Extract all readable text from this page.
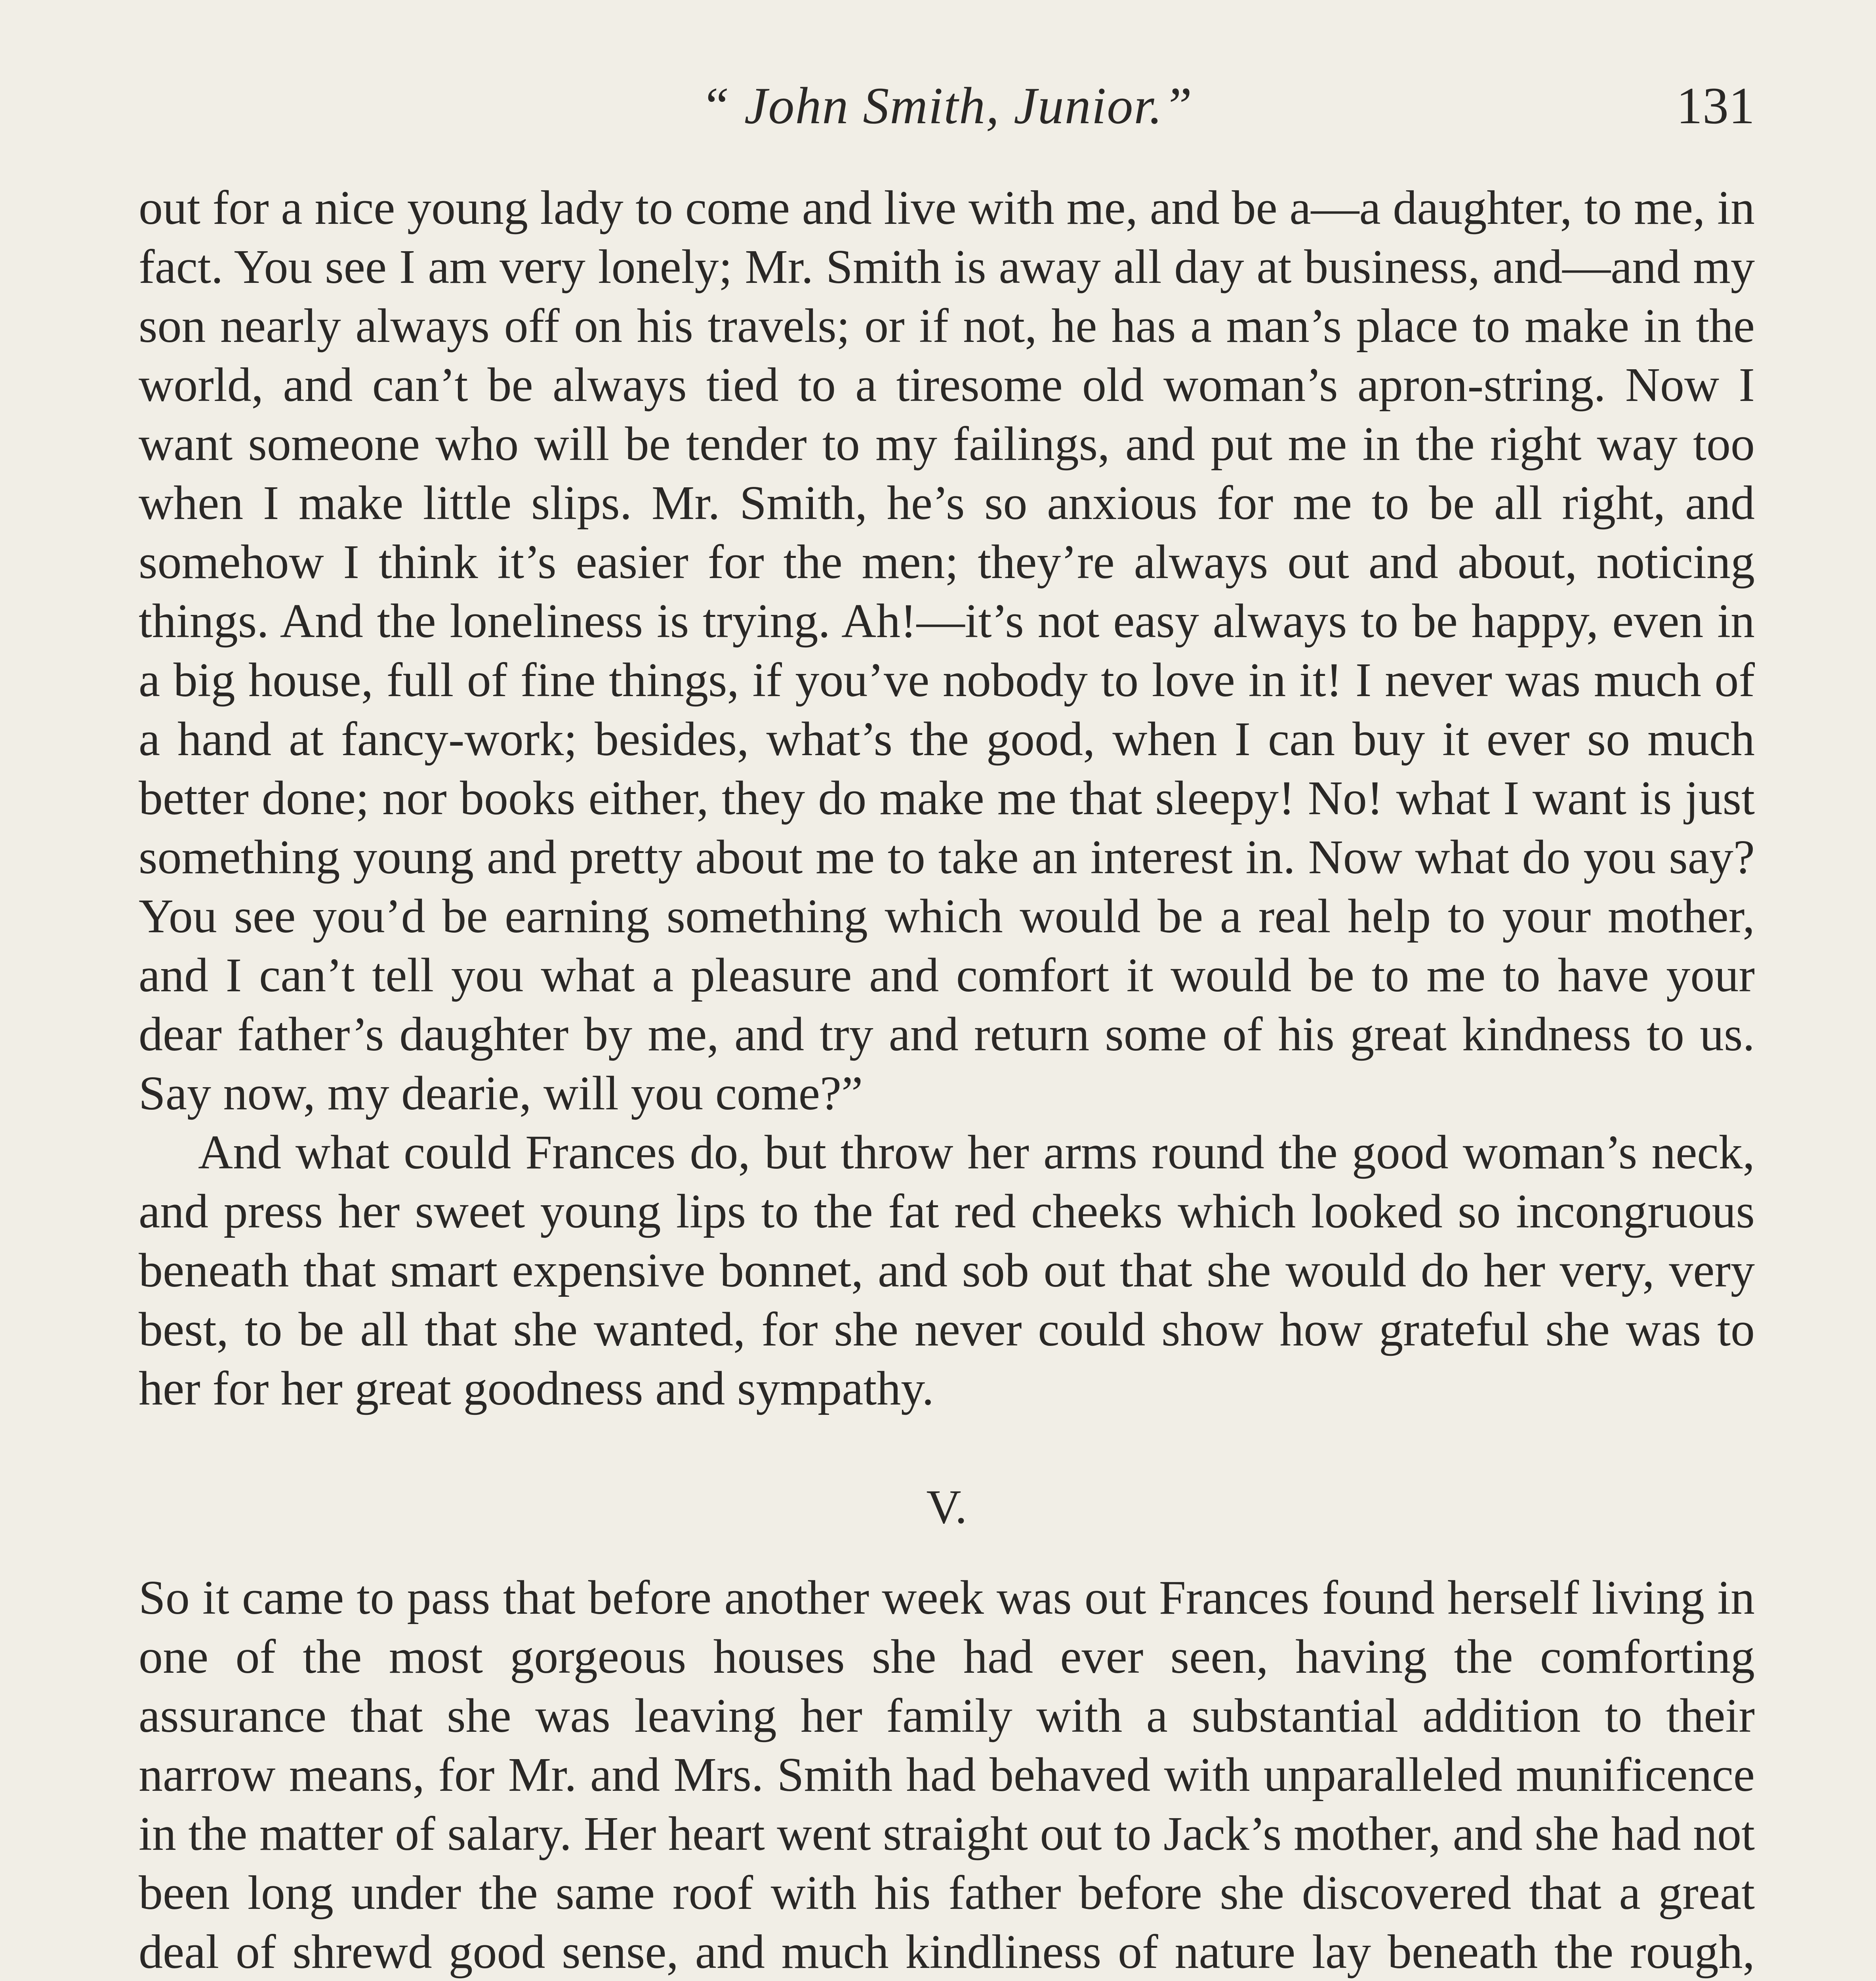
“ John Smith, Junior.”	131

out for a nice young lady to come and live with me, and be a—a daughter, to me, in fact. You see I am very lonely; Mr. Smith is away all day at business, and—and my son nearly always off on his travels; or if not, he has a man’s place to make in the world, and can’t be always tied to a tiresome old woman’s apron-string. Now I want someone who will be tender to my failings, and put me in the right way too when I make little slips. Mr. Smith, he’s so anxious for me to be all right, and somehow I think it’s easier for the men; they’re always out and about, noticing things. And the loneliness is trying. Ah!—it’s not easy always to be happy, even in a big house, full of fine things, if you’ve nobody to love in it! I never was much of a hand at fancy-work; besides, what’s the good, when I can buy it ever so much better done; nor books either, they do make me that sleepy! No! what I want is just something young and pretty about me to take an interest in. Now what do you say? You see you’d be earning something which would be a real help to your mother, and I can’t tell you what a pleasure and comfort it would be to me to have your dear father’s daughter by me, and try and return some of his great kindness to us. Say now, my dearie, will you come?”

And what could Frances do, but throw her arms round the good woman’s neck, and press her sweet young lips to the fat red cheeks which looked so incongruous beneath that smart expensive bonnet, and sob out that she would do her very, very best, to be all that she wanted, for she never could show how grateful she was to her for her great goodness and sympathy.

V.

So it came to pass that before another week was out Frances found herself living in one of the most gorgeous houses she had ever seen, having the comforting assurance that she was leaving her family with a substantial addition to their narrow means, for Mr. and Mrs. Smith had behaved with unparalleled munificence in the matter of salary. Her heart went straight out to Jack’s mother, and she had not been long under the same roof with his father before she discovered that a great deal of shrewd good sense, and much kindliness of nature lay beneath the rough,
